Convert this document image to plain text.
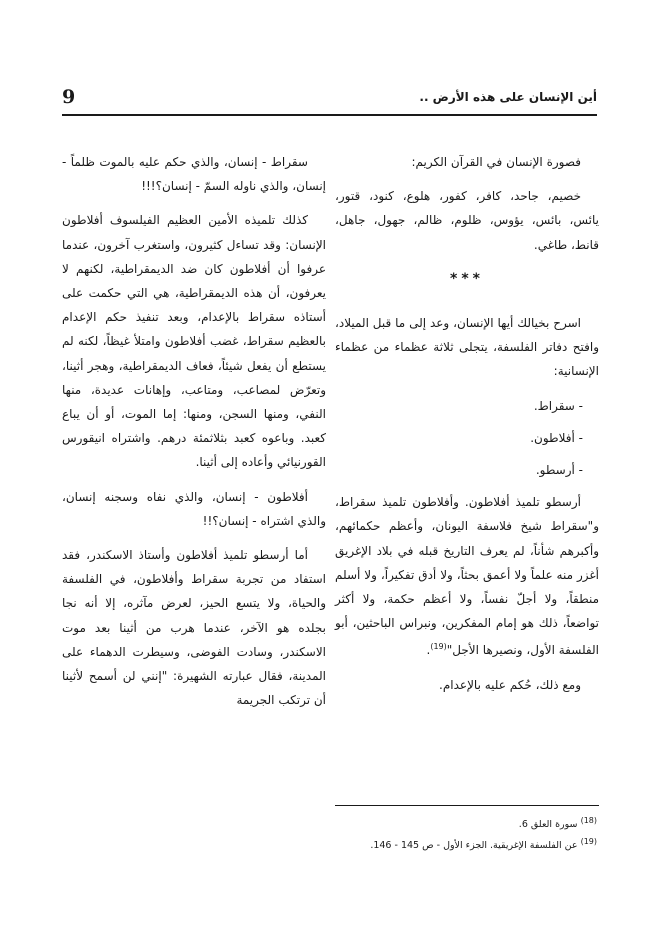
أين الإنسان على هذه الأرض ..
9

فصورة الإنسان في القرآن الكريم:

خصيم، جاحد، كافر، كفور، هلوع، كنود، قتور، يائس، بائس، يؤوس، ظلوم، ظالم، جهول، جاهل، قانط، طاغي.

***

اسرح بخيالك أيها الإنسان، وعد إلى ما قبل الميلاد، وافتح دفاتر الفلسفة، يتجلى ثلاثة عظماء من عظماء الإنسانية:

- سقراط.

- أفلاطون.

- أرسطو.

أرسطو تلميذ أفلاطون. وأفلاطون تلميذ سقراط، و"سقراط شيخ فلاسفة اليونان، وأعظم حكمائهم، وأكبرهم شأناً، لم يعرف التاريخ قبله في بلاد الإغريق أغزر منه علماً ولا أعمق بحثاً، ولا أدق تفكيراً، ولا أسلم منطقاً، ولا أجلّ نفساً، ولا أعظم حكمة، ولا أكثر تواضعاً، ذلك هو إمام المفكرين، ونبراس الباحثين، أبو الفلسفة الأول، ونصيرها الأجل"$^{(19)}$.

ومع ذلك، حُكم عليه بالإعدام.

سقراط - إنسان، والذي حكم عليه بالموت ظلماً - إنسان، والذي ناوله السمّ - إنسان؟!!!

كذلك تلميذه الأمين العظيم الفيلسوف أفلاطون الإنسان: وقد تساءل كثيرون، واستغرب آخرون، عندما عرفوا أن أفلاطون كان ضد الديمقراطية، لكنهم لا يعرفون، أن هذه الديمقراطية، هي التي حكمت على أستاذه سقراط بالإعدام، وبعد تنفيذ حكم الإعدام بالعظيم سقراط، غضب أفلاطون وامتلأ غيظاً، لكنه لم يستطع أن يفعل شيئاً، فعاف الديمقراطية، وهجر أثينا، وتعرّض لمصاعب، ومتاعب، وإهانات عديدة، منها النفي، ومنها السجن، ومنها: إما الموت، أو أن يباع كعبد. وباعوه كعبد بثلاثمئة درهم. واشتراه انيقورس القورنيائي وأعاده إلى أثينا.

أفلاطون - إنسان، والذي نفاه وسجنه إنسان، والذي اشتراه - إنسان؟!!

أما أرسطو تلميذ أفلاطون وأستاذ الاسكندر، فقد استفاد من تجربة سقراط وأفلاطون، في الفلسفة والحياة، ولا يتسع الحيز، لعرض مآثره، إلا أنه نجا بجلده هو الآخر، عندما هرب من أثينا بعد موت الاسكندر، وسادت الفوضى، وسيطرت الدهماء على المدينة، فقال عبارته الشهيرة: "إنني لن أسمح لأثينا أن ترتكب الجريمة

$^{(18)}$ سورة العلق 6.
$^{(19)}$ عن الفلسفة الإغريقية. الجزء الأول - ص 145 - 146.
